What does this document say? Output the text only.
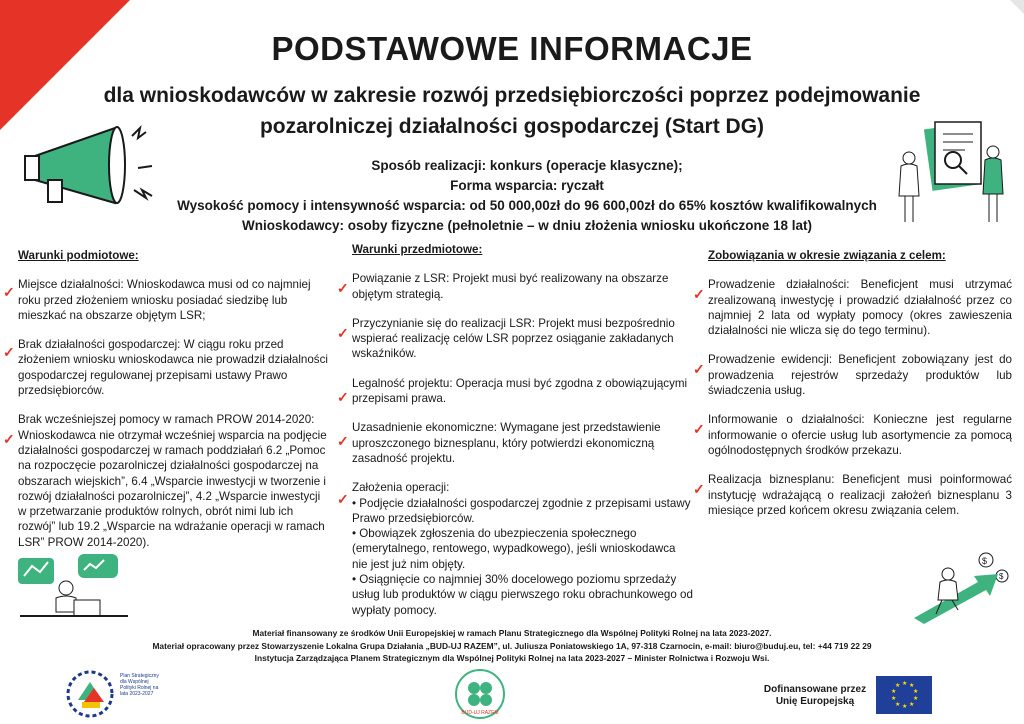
PODSTAWOWE INFORMACJE
dla wnioskodawców w zakresie rozwój przedsiębiorczości poprzez podejmowanie
pozarolniczej działalności gospodarczej (Start DG)
Sposób realizacji: konkurs (operacje klasyczne);
Forma wsparcia: ryczałt
Wysokość pomocy i intensywność wsparcia: od 50 000,00zł do 96 600,00zł do 65% kosztów kwalifikowalnych
Wnioskodawcy: osoby fizyczne (pełnoletnie – w dniu złożenia wniosku ukończone 18 lat)
Warunki podmiotowe:
✓ Miejsce działalności: Wnioskodawca musi od co najmniej roku przed złożeniem wniosku posiadać siedzibę lub mieszkać na obszarze objętym LSR;

✓ Brak działalności gospodarczej: W ciągu roku przed złożeniem wniosku wnioskodawca nie prowadził działalności gospodarczej regulowanej przepisami ustawy Prawo przedsiębiorców.

✓

Brak wcześniejszej pomocy w ramach PROW 2014-2020: Wnioskodawca nie otrzymał wcześniej wsparcia na podjęcie działalności gospodarczej w ramach poddziałań 6.2 „Pomoc na rozpoczęcie pozarolniczej działalności gospodarczej na obszarach wiejskich”, 6.4 „Wsparcie inwestycji w tworzenie i rozwój działalności pozarolniczej”, 4.2 „Wsparcie inwestycji w przetwarzanie produktów rolnych, obrót nimi lub ich rozwój” lub 19.2 „Wsparcie na wdrażanie operacji w ramach LSR” PROW 2014-2020).

Warunki przedmiotowe:
✓

Powiązanie z LSR: Projekt musi być realizowany na obszarze objętym strategią.

✓

Przyczynianie się do realizacji LSR: Projekt musi bezpośrednio wspierać realizację celów LSR poprzez osiąganie zakładanych wskaźników.

✓

Legalność projektu: Operacja musi być zgodna z obowiązującymi przepisami prawa.

✓

Uzasadnienie ekonomiczne: Wymagane jest przedstawienie uproszczonego biznesplanu, który potwierdzi ekonomiczną zasadność projektu.

✓

Założenia operacji:

• Podjęcie działalności gospodarczej zgodnie z przepisami ustawy Prawo przedsiębiorców.

• Obowiązek zgłoszenia do ubezpieczenia społecznego (emerytalnego, rentowego, wypadkowego), jeśli wnioskodawca nie jest już nim objęty.

• Osiągnięcie co najmniej 30% docelowego poziomu sprzedaży usług lub produktów w ciągu pierwszego roku obrachunkowego od wypłaty pomocy.

Zobowiązania w okresie związania z celem:
✓

Prowadzenie działalności: Beneficjent musi utrzymać zrealizowaną inwestycję i prowadzić działalność przez co najmniej 2 lata od wypłaty pomocy (okres zawieszenia działalności nie wlicza się do tego terminu).

✓

Prowadzenie ewidencji: Beneficjent zobowiązany jest do prowadzenia rejestrów sprzedaży produktów lub świadczenia usług.

✓

Informowanie o działalności: Konieczne jest regularne informowanie o ofercie usług lub asortymencie za pomocą ogólnodostępnych środków przekazu.

✓

Realizacja biznesplanu: Beneficjent musi poinformować instytucję wdrażającą o realizacji założeń biznesplanu 3 miesiące przed końcem okresu związania celem.

$
$
Materiał finansowany ze środków Unii Europejskiej w ramach Planu Strategicznego dla Wspólnej Polityki Rolnej na lata 2023-2027.
Materiał opracowany przez Stowarzyszenie Lokalna Grupa Działania „BUD-UJ RAZEM”, ul. Juliusza Poniatowskiego 1A, 97-318 Czarnocin, e-mail: biuro@buduj.eu, tel: +44 719 22 29
Instytucja Zarządzająca Planem Strategicznym dla Wspólnej Polityki Rolnej na lata 2023-2027 – Minister Rolnictwa i Rozwoju Wsi.
Plan Strategiczny dla Wspólnej Polityki Rolnej na lata 2023-2027
BUD-UJ RAZEM
Dofinansowane przez Unię Europejską
★ ★
★
★
★
★
★
★
★
★
